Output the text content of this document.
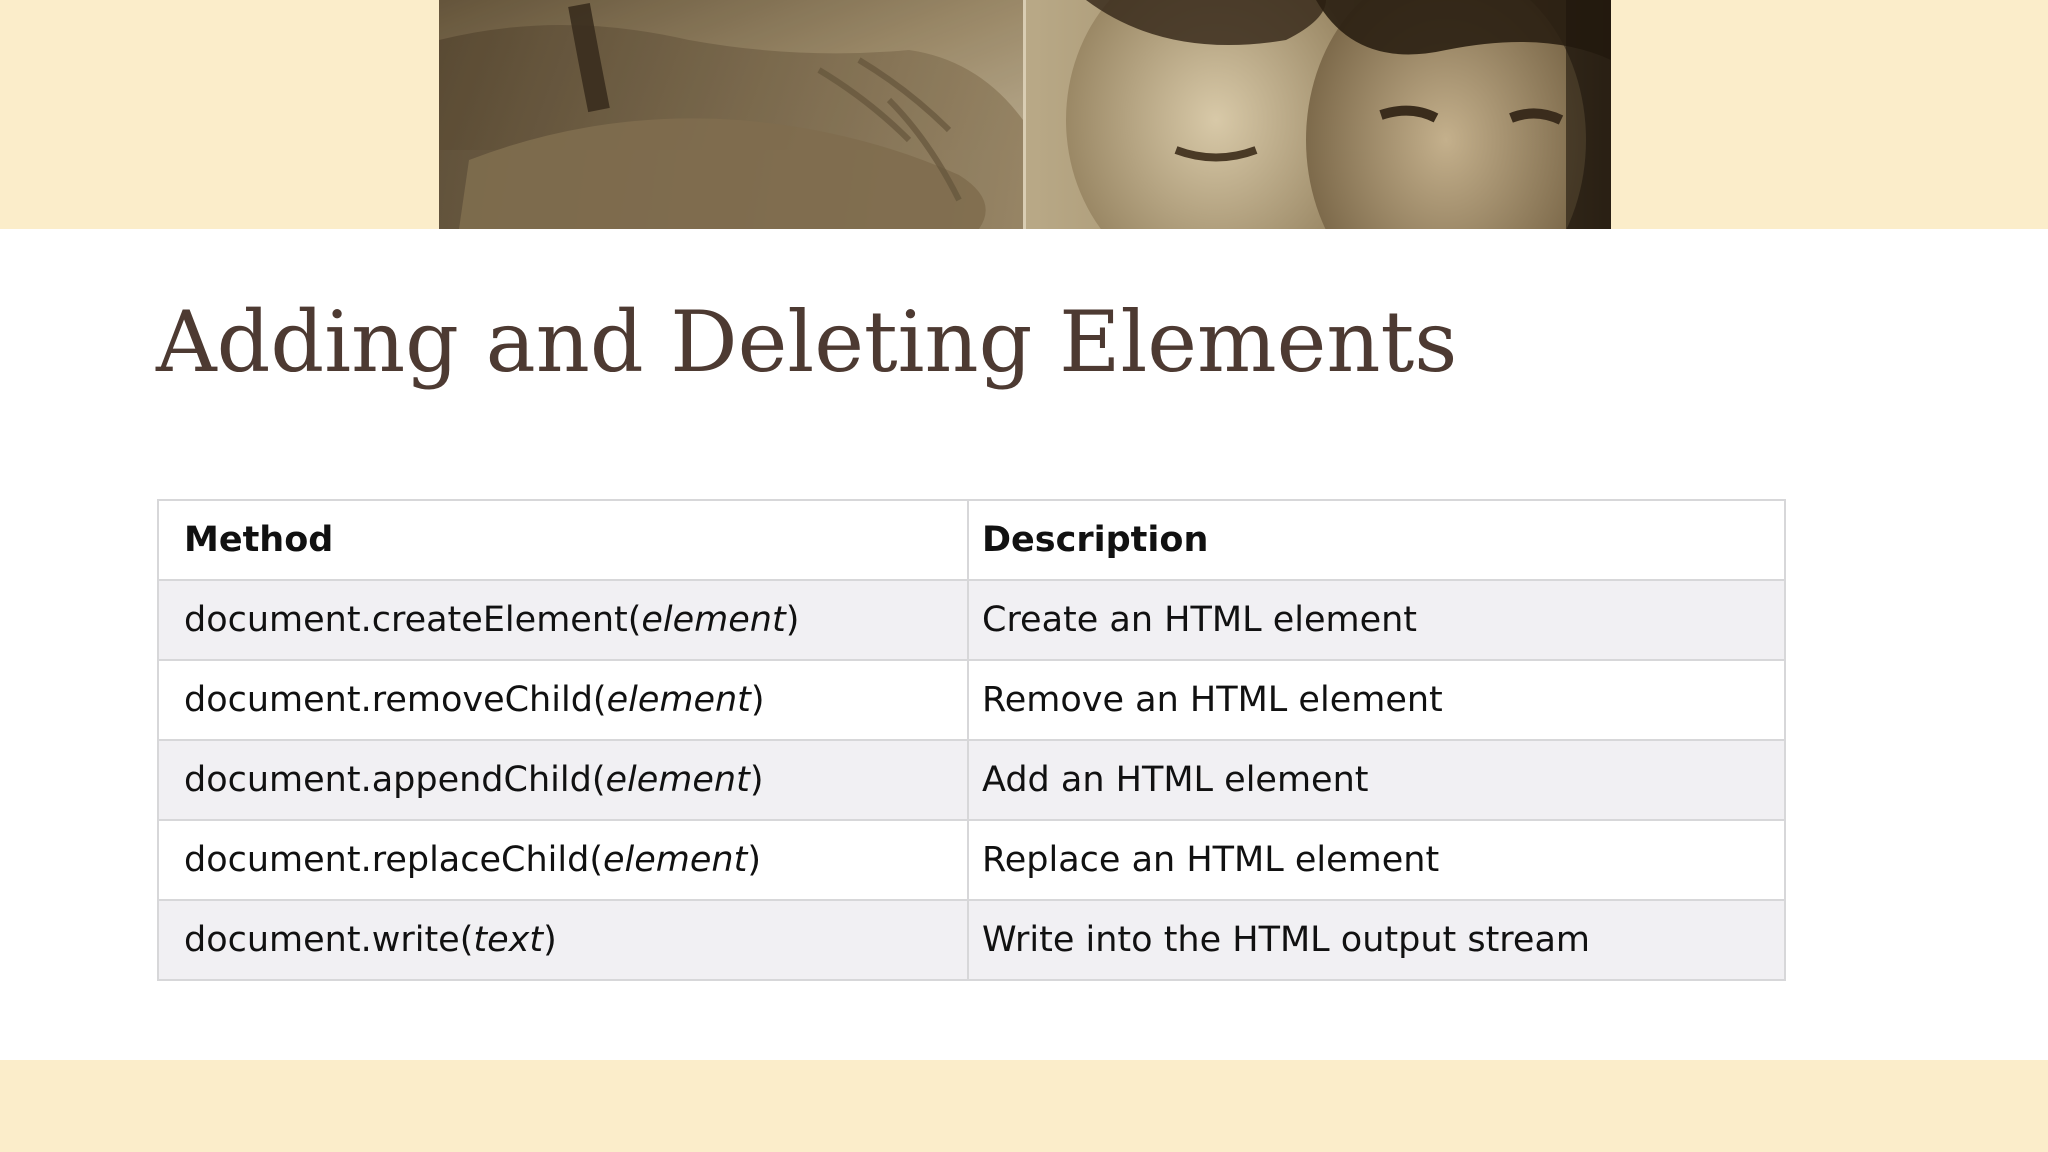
Adding and Deleting Elements
Method	Description
document.createElement(element)	Create an HTML element
document.removeChild(element)	Remove an HTML element
document.appendChild(element)	Add an HTML element
document.replaceChild(element)	Replace an HTML element
document.write(text)	Write into the HTML output stream
